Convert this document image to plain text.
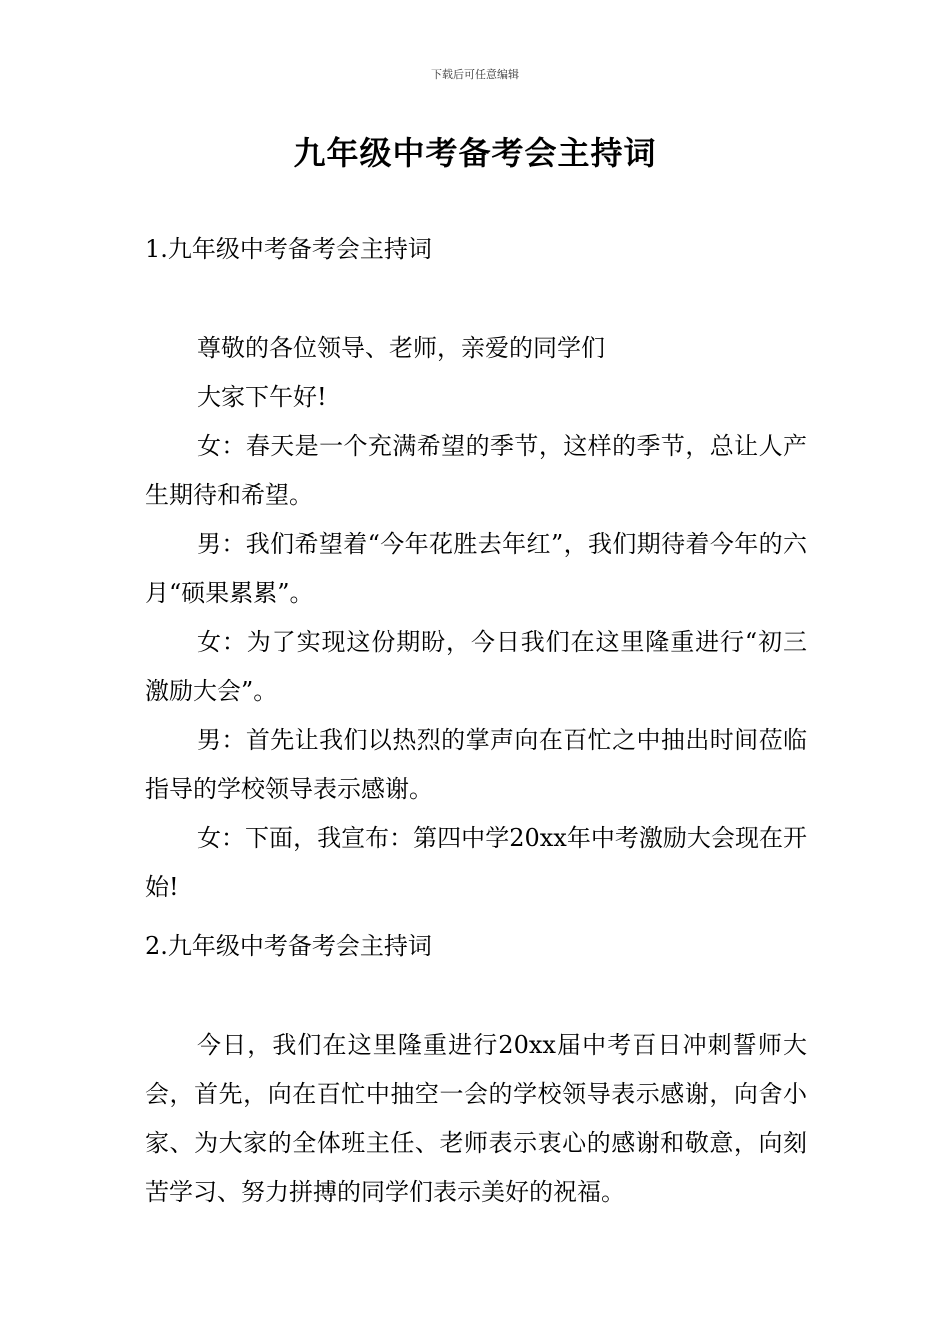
下载后可任意编辑
九年级中考备考会主持词
1.九年级中考备考会主持词

尊敬的各位领导、老师，亲爱的同学们

大家下午好!

女：春天是一个充满希望的季节，这样的季节，总让人产生期待和希望。

男：我们希望着“今年花胜去年红”，我们期待着今年的六月“硕果累累”。

女：为了实现这份期盼，今日我们在这里隆重进行“初三激励大会”。

男：首先让我们以热烈的掌声向在百忙之中抽出时间莅临指导的学校领导表示感谢。

女：下面，我宣布：第四中学20xx年中考激励大会现在开始!

2.九年级中考备考会主持词

今日，我们在这里隆重进行20xx届中考百日冲刺誓师大会，首先，向在百忙中抽空一会的学校领导表示感谢，向舍小家、为大家的全体班主任、老师表示衷心的感谢和敬意，向刻苦学习、努力拼搏的同学们表示美好的祝福。
